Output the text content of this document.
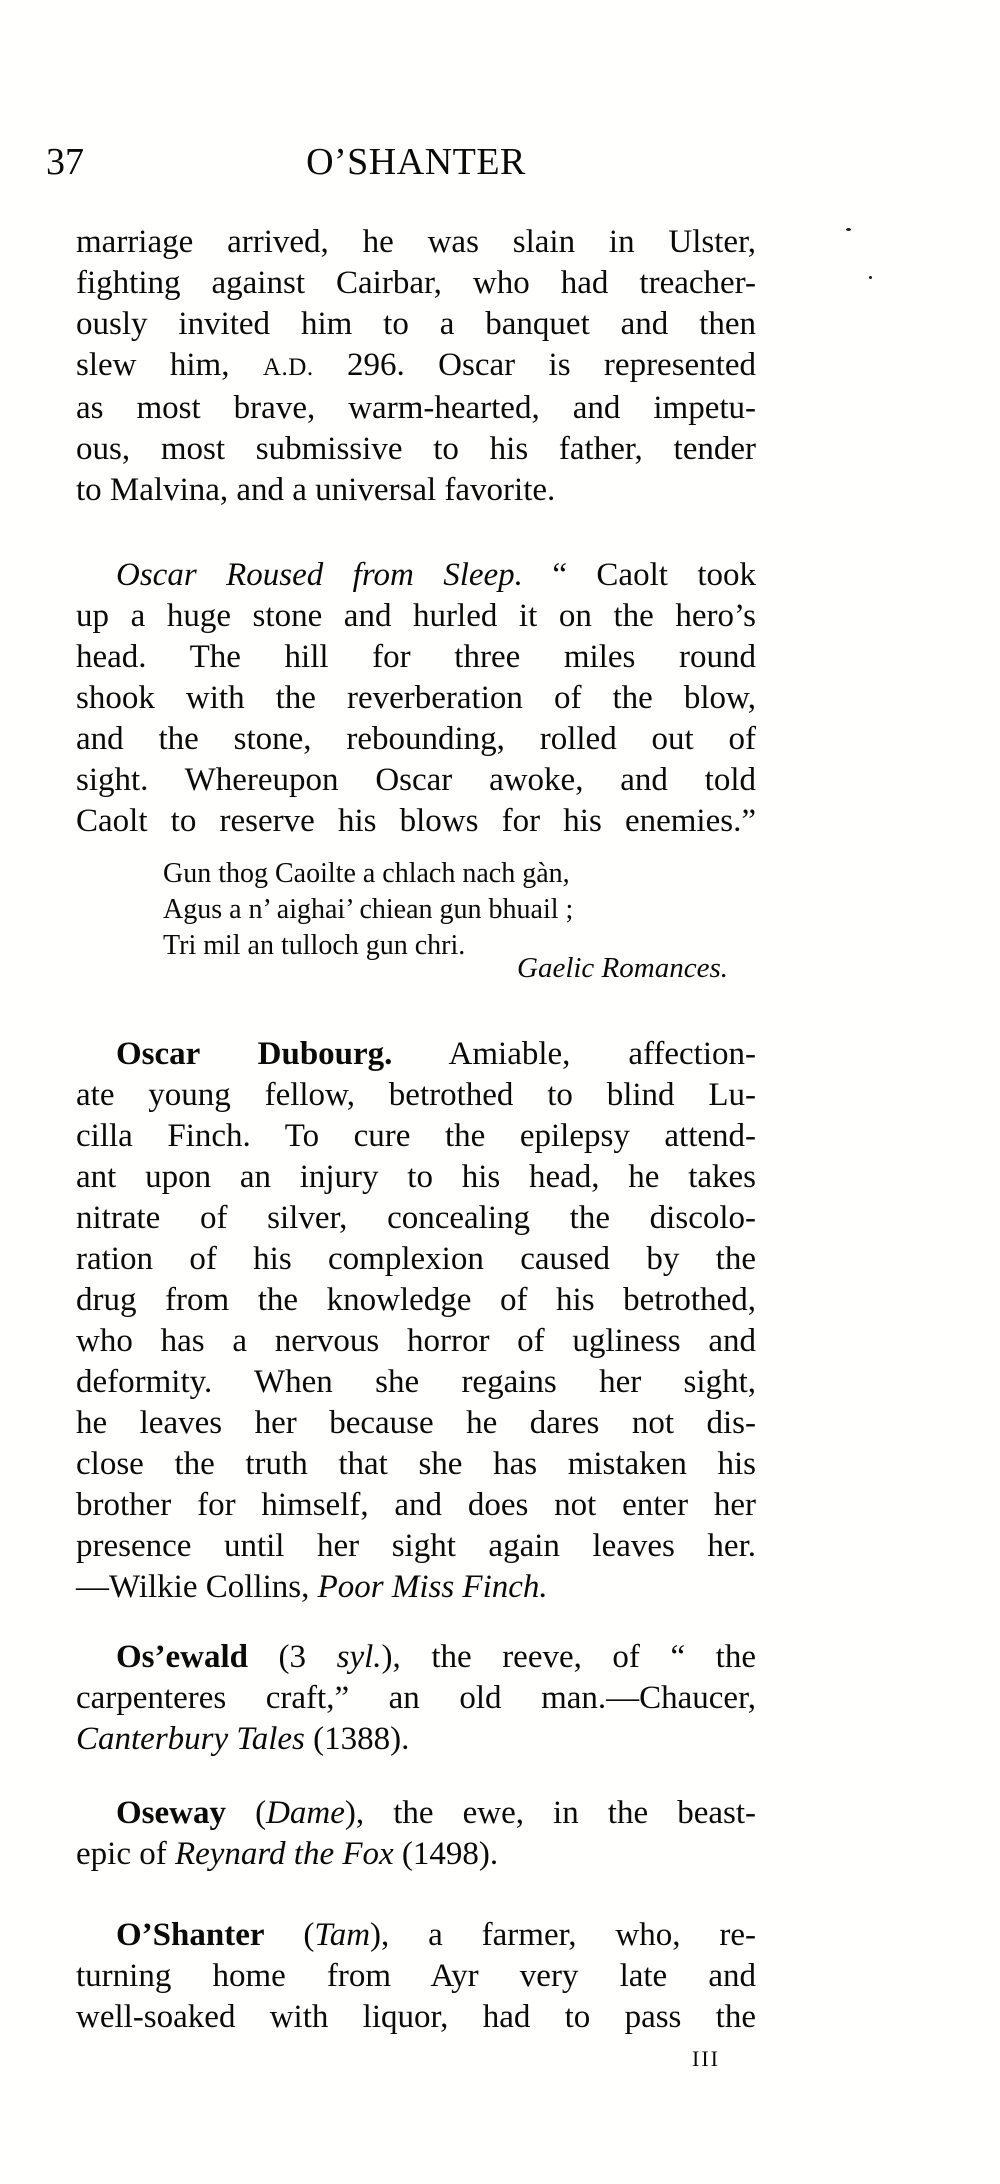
37	O’SHANTER
marriage arrived, he was slain in Ulster,
fighting against Cairbar, who had treacher-
ously invited him to a banquet and then
slew him, A.D. 296. Oscar is represented
as most brave, warm-hearted, and impetu-
ous, most submissive to his father, tender
to Malvina, and a universal favorite.
Oscar Roused from Sleep. “ Caolt took
up a huge stone and hurled it on the hero’s
head. The hill for three miles round
shook with the reverberation of the blow,
and the stone, rebounding, rolled out of
sight. Whereupon Oscar awoke, and told
Caolt to reserve his blows for his enemies.”
Gun thog Caoilte a chlach nach gàn,
Agus a n’ aighai’ chiean gun bhuail ;
Tri mil an tulloch gun chri.
Gaelic Romances.
Oscar Dubourg. Amiable, affection-
ate young fellow, betrothed to blind Lu-
cilla Finch. To cure the epilepsy attend-
ant upon an injury to his head, he takes
nitrate of silver, concealing the discolo-
ration of his complexion caused by the
drug from the knowledge of his betrothed,
who has a nervous horror of ugliness and
deformity. When she regains her sight,
he leaves her because he dares not dis-
close the truth that she has mistaken his
brother for himself, and does not enter her
presence until her sight again leaves her.
—Wilkie Collins, Poor Miss Finch.
Os’ewald (3 syl.), the reeve, of “ the
carpenteres craft,” an old man.—Chaucer,
Canterbury Tales (1388).
Oseway (Dame), the ewe, in the beast-
epic of Reynard the Fox (1498).
O’Shanter (Tam), a farmer, who, re-
turning home from Ayr very late and
well-soaked with liquor, had to pass the
III
